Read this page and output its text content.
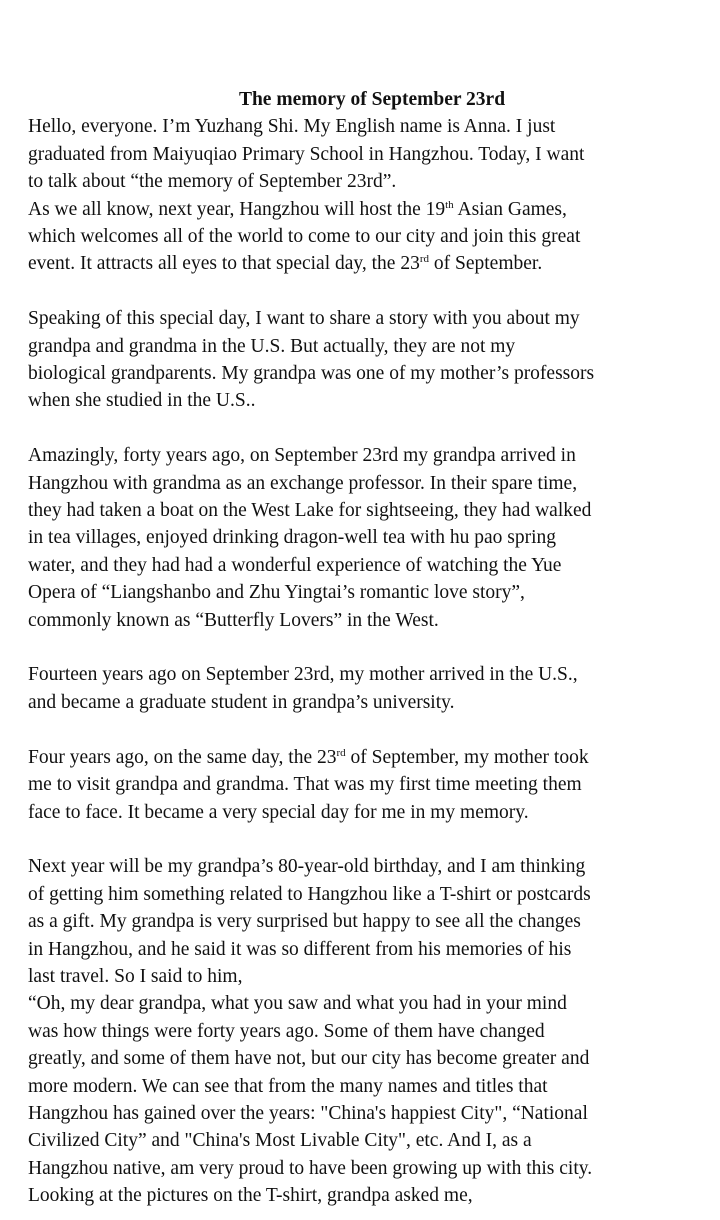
The memory of September 23rd

Hello, everyone. I’m Yuzhang Shi. My English name is Anna. I just

graduated from Maiyuqiao Primary School in Hangzhou. Today, I want

to talk about “the memory of September 23rd”.

As we all know, next year, Hangzhou will host the 19th Asian Games,

which welcomes all of the world to come to our city and join this great

event. It attracts all eyes to that special day, the 23rd of September.

Speaking of this special day, I want to share a story with you about my

grandpa and grandma in the U.S. But actually, they are not my

biological grandparents. My grandpa was one of my mother’s professors

when she studied in the U.S..

Amazingly, forty years ago, on September 23rd my grandpa arrived in

Hangzhou with grandma as an exchange professor. In their spare time,

they had taken a boat on the West Lake for sightseeing, they had walked

in tea villages, enjoyed drinking dragon-well tea with hu pao spring

water, and they had had a wonderful experience of watching the Yue

Opera of “Liangshanbo and Zhu Yingtai’s romantic love story”,

commonly known as “Butterfly Lovers” in the West.

Fourteen years ago on September 23rd, my mother arrived in the U.S.,

and became a graduate student in grandpa’s university.

Four years ago, on the same day, the 23rd of September, my mother took

me to visit grandpa and grandma. That was my first time meeting them

face to face. It became a very special day for me in my memory.

Next year will be my grandpa’s 80-year-old birthday, and I am thinking

of getting him something related to Hangzhou like a T-shirt or postcards

as a gift. My grandpa is very surprised but happy to see all the changes

in Hangzhou, and he said it was so different from his memories of his

last travel. So I said to him,

“Oh, my dear grandpa, what you saw and what you had in your mind

was how things were forty years ago. Some of them have changed

greatly, and some of them have not, but our city has become greater and

more modern. We can see that from the many names and titles that

Hangzhou has gained over the years: "China's happiest City", “National

Civilized City” and "China's Most Livable City", etc. And I, as a

Hangzhou native, am very proud to have been growing up with this city.

Looking at the pictures on the T-shirt, grandpa asked me,
